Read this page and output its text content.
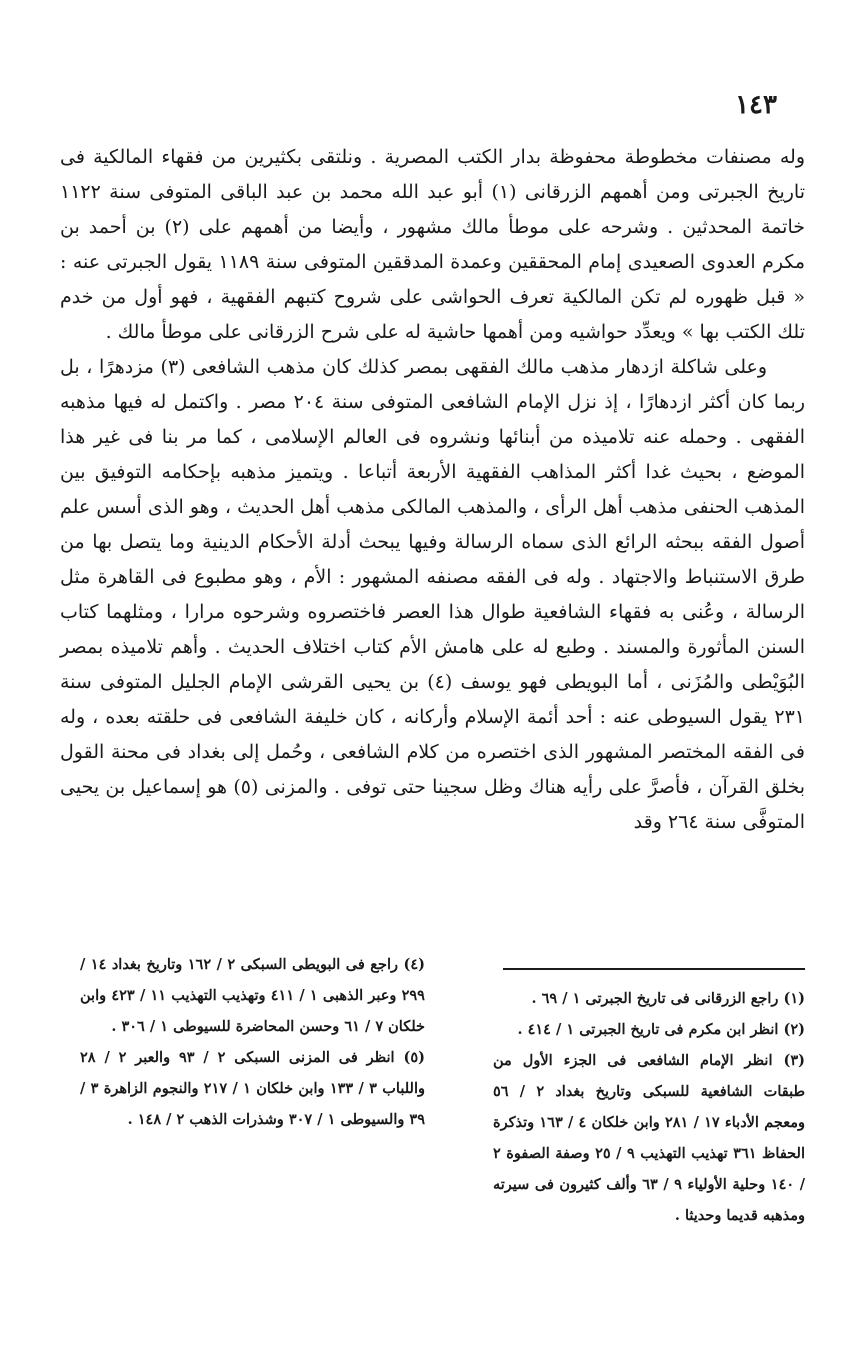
١٤٣

وله مصنفات مخطوطة محفوظة بدار الكتب المصرية . ونلتقى بكثيرين من فقهاء المالكية فى تاريخ الجبرتى ومن أهمهم الزرقانى (١) أبو عبد الله محمد بن عبد الباقى المتوفى سنة ١١٢٢ خاتمة المحدثين . وشرحه على موطأ مالك مشهور ، وأيضا من أهمهم على (٢) بن أحمد بن مكرم العدوى الصعيدى إمام المحققين وعمدة المدققين المتوفى سنة ١١٨٩ يقول الجبرتى عنه : « قبل ظهوره لم تكن المالكية تعرف الحواشى على شروح كتبهم الفقهية ، فهو أول من خدم تلك الكتب بها » ويعدِّد حواشيه ومن أهمها حاشية له على شرح الزرقانى على موطأ مالك .

وعلى شاكلة ازدهار مذهب مالك الفقهى بمصر كذلك كان مذهب الشافعى (٣) مزدهرًا ، بل ربما كان أكثر ازدهارًا ، إذ نزل الإمام الشافعى المتوفى سنة ٢٠٤ مصر . واكتمل له فيها مذهبه الفقهى . وحمله عنه تلاميذه من أبنائها ونشروه فى العالم الإسلامى ، كما مر بنا فى غير هذا الموضع ، بحيث غدا أكثر المذاهب الفقهية الأربعة أتباعا . ويتميز مذهبه بإحكامه التوفيق بين المذهب الحنفى مذهب أهل الرأى ، والمذهب المالكى مذهب أهل الحديث ، وهو الذى أسس علم أصول الفقه ببحثه الرائع الذى سماه الرسالة وفيها يبحث أدلة الأحكام الدينية وما يتصل بها من طرق الاستنباط والاجتهاد . وله فى الفقه مصنفه المشهور : الأم ، وهو مطبوع فى القاهرة مثل الرسالة ، وعُنى به فقهاء الشافعية طوال هذا العصر فاختصروه وشرحوه مرارا ، ومثلهما كتاب السنن المأثورة والمسند . وطبع له على هامش الأم كتاب اختلاف الحديث . وأهم تلاميذه بمصر البُوَيْطى والمُزَنى ، أما البويطى فهو يوسف (٤) بن يحيى القرشى الإمام الجليل المتوفى سنة ٢٣١ يقول السيوطى عنه : أحد أئمة الإسلام وأركانه ، كان خليفة الشافعى فى حلقته بعده ، وله فى الفقه المختصر المشهور الذى اختصره من كلام الشافعى ، وحُمل إلى بغداد فى محنة القول بخلق القرآن ، فأصرَّ على رأيه هناك وظل سجينا حتى توفى . والمزنى (٥) هو إسماعيل بن يحيى المتوفَّى سنة ٢٦٤ وقد

(١) راجع الزرقانى فى تاريخ الجبرتى ١ / ٦٩ .

(٢) انظر ابن مكرم فى تاريخ الجبرتى ١ / ٤١٤ .

(٣) انظر الإمام الشافعى فى الجزء الأول من طبقات الشافعية للسبكى وتاريخ بغداد ٢ / ٥٦ ومعجم الأدباء ١٧ / ٢٨١ وابن خلكان ٤ / ١٦٣ وتذكرة الحفاظ ٣٦١ تهذيب التهذيب ٩ / ٢٥ وصفة الصفوة ٢ / ١٤٠ وحلية الأولياء ٩ / ٦٣ وألف كثيرون فى سيرته ومذهبه قديما وحديثا .

(٤) راجع فى البويطى السبكى ٢ / ١٦٢ وتاريخ بغداد ١٤ / ٢٩٩ وعبر الذهبى ١ / ٤١١ وتهذيب التهذيب ١١ / ٤٢٣ وابن خلكان ٧ / ٦١ وحسن المحاضرة للسيوطى ١ / ٣٠٦ .

(٥) انظر فى المزنى السبكى ٢ / ٩٣ والعبر ٢ / ٢٨ واللباب ٣ / ١٣٣ وابن خلكان ١ / ٢١٧ والنجوم الزاهرة ٣ / ٣٩ والسيوطى ١ / ٣٠٧ وشذرات الذهب ٢ / ١٤٨ .
